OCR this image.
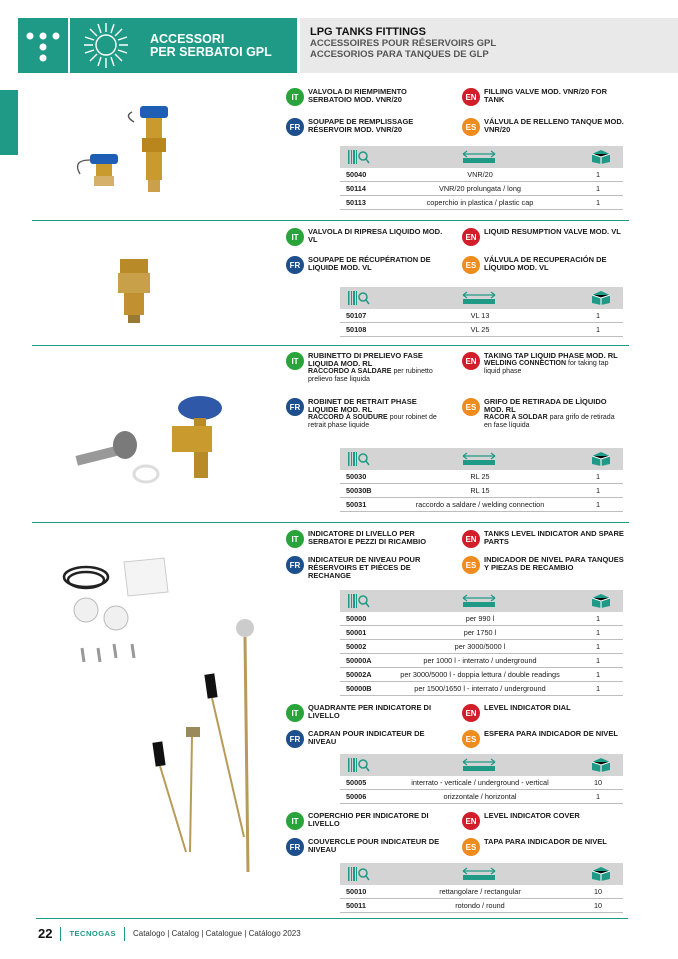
ACCESSORI
PER SERBATOI GPL
LPG TANKS FITTINGS
ACCESSOIRES POUR RÉSERVOIRS GPL
ACCESORIOS PARA TANQUES DE GLP
IT
VALVOLA DI RIEMPIMENTO SERBATOIO MOD. VNR/20
FR
SOUPAPE DE REMPLISSAGE RÉSERVOIR MOD. VNR/20
EN
FILLING VALVE MOD. VNR/20 FOR TANK
ES
VÁLVULA DE RELLENO TANQUE MOD. VNR/20
50040	VNR/20	1
50114	VNR/20 prolungata / long	1
50113	coperchio in plastica / plastic cap	1
IT
VALVOLA DI RIPRESA LIQUIDO MOD. VL
FR
SOUPAPE DE RÉCUPÉRATION DE LIQUIDE MOD. VL
EN
LIQUID RESUMPTION VALVE MOD. VL
ES
VÁLVULA DE RECUPERACIÓN DE LÍQUIDO MOD. VL
50107	VL 13	1
50108	VL 25	1
IT
RUBINETTO DI PRELIEVO FASE LIQUIDA MOD. RL
RACCORDO A SALDARE per rubinetto prelievo fase liquida
FR
ROBINET DE RETRAIT PHASE LIQUIDE MOD. RL
RACCORD À SOUDURE pour robinet de retrait phase liquide
EN
TAKING TAP LIQUID PHASE MOD. RL
WELDING CONNECTION for taking tap liquid phase
ES
GRIFO DE RETIRADA DE LÌQUIDO MOD. RL
RACOR A SOLDAR para grifo de retirada en fase líquida
50030	RL 25	1
50030B	RL 15	1
50031	raccordo a saldare / welding connection	1
IT
INDICATORE DI LIVELLO PER SERBATOI E PEZZI DI RICAMBIO
FR
INDICATEUR DE NIVEAU POUR RÉSERVOIRS ET PIÈCES DE RECHANGE
EN
TANKS LEVEL INDICATOR AND SPARE PARTS
ES
INDICADOR DE NIVEL PARA TANQUES Y PIEZAS DE RECAMBIO
50000	per 990 l	1
50001	per 1750 l	1
50002	per 3000/5000 l	1
50000A	per 1000 l - interrato / underground	1
50002A	per 3000/5000 l - doppia lettura / double readings	1
50000B	per 1500/1650 l - interrato / underground	1
IT
QUADRANTE PER INDICATORE DI LIVELLO
FR
CADRAN POUR INDICATEUR DE NIVEAU
EN
LEVEL INDICATOR DIAL
ES
ESFERA PARA INDICADOR DE NIVEL
50005	interrato - verticale / underground - vertical	10
50006	orizzontale / horizontal	1
IT
COPERCHIO PER INDICATORE DI LIVELLO
FR
COUVERCLE POUR INDICATEUR DE NIVEAU
EN
LEVEL INDICATOR COVER
ES
TAPA PARA INDICADOR DE NIVEL
50010	rettangolare / rectangular	10
50011	rotondo / round	10
22 TECNOGAS Catalogo | Catalog | Catalogue | Catálogo 2023
